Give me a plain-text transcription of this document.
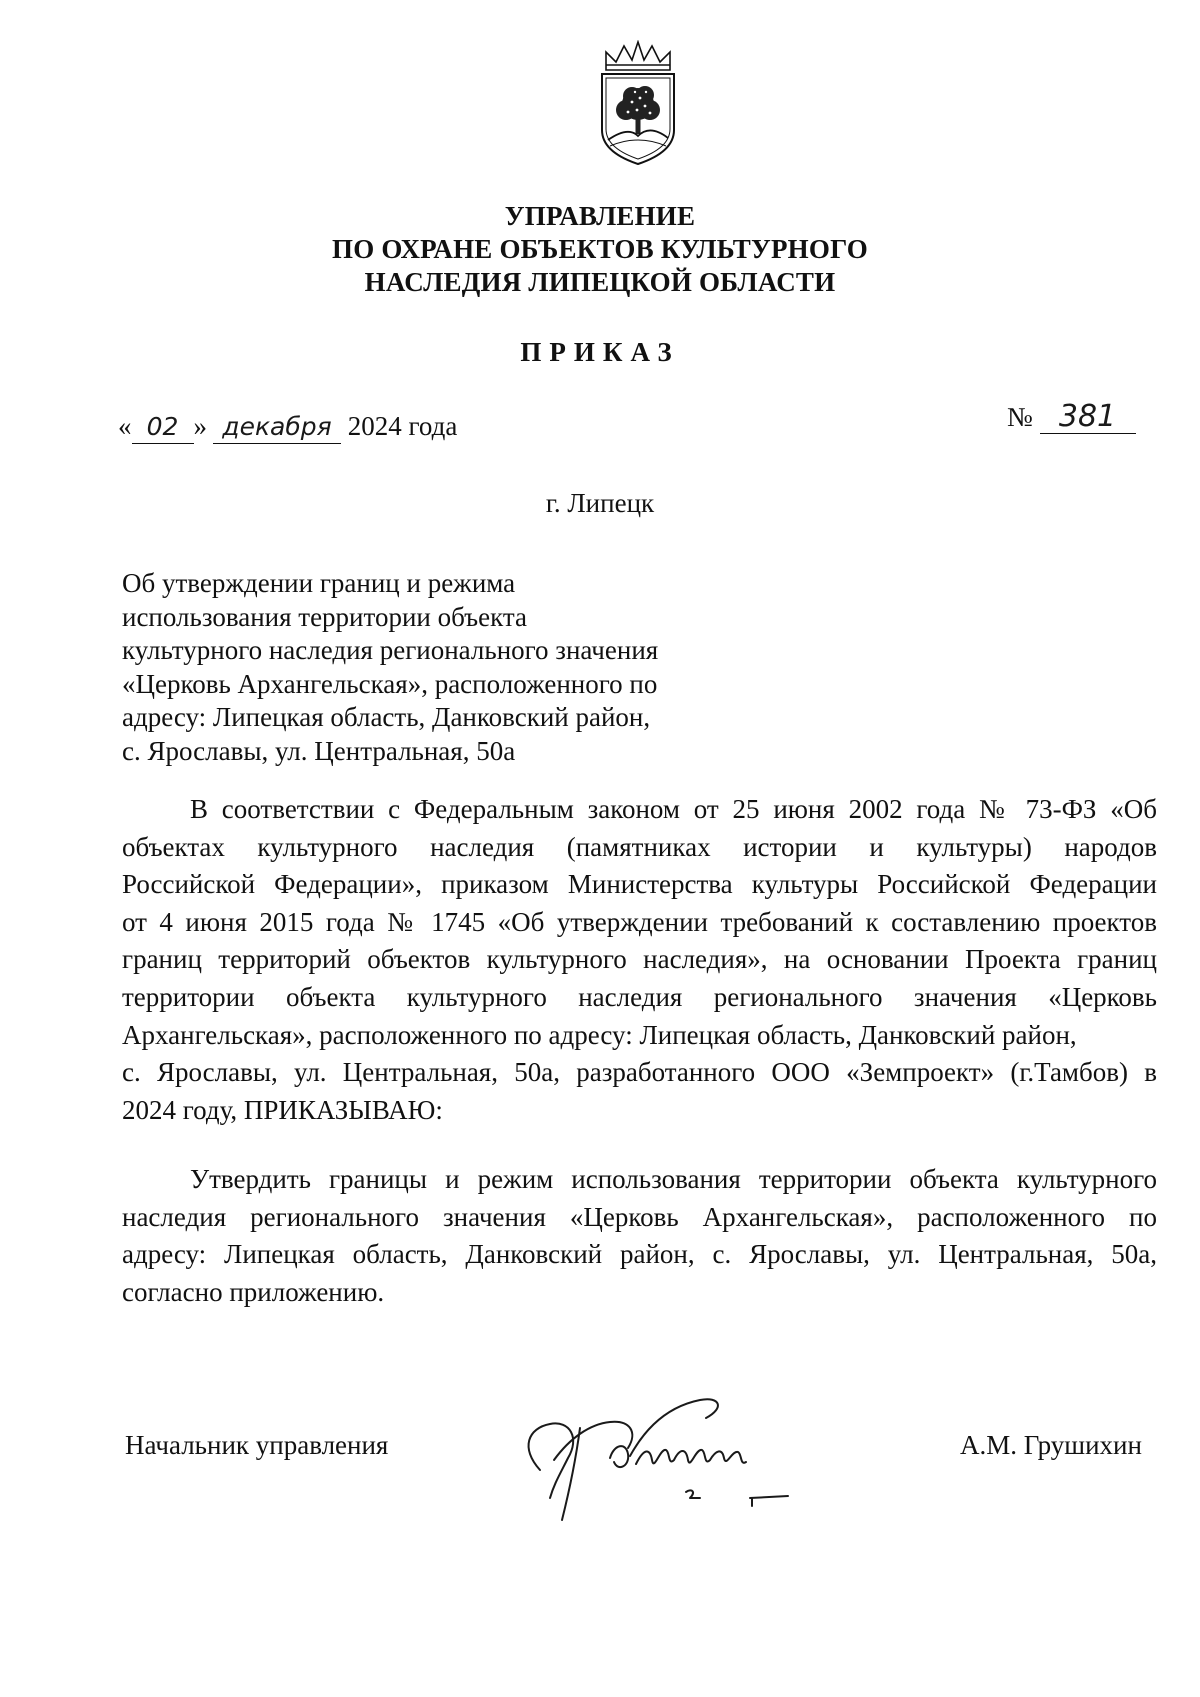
УПРАВЛЕНИЕ
ПО ОХРАНЕ ОБЪЕКТОВ КУЛЬТУРНОГО
НАСЛЕДИЯ ЛИПЕЦКОЙ ОБЛАСТИ
ПРИКАЗ
« 02 » декабря 2024 года	№ 381
г. Липецк
Об утверждении границ и режима
использования территории объекта
культурного наследия регионального значения
«Церковь Архангельская», расположенного по
адресу: Липецкая область, Данковский район,
с. Ярославы, ул. Центральная, 50а
В соответствии с Федеральным законом от 25 июня 2002 года № 73-ФЗ «Об
объектах культурного наследия (памятниках истории и культуры) народов
Российской Федерации», приказом Министерства культуры Российской Федерации
от 4 июня 2015 года № 1745 «Об утверждении требований к составлению проектов
границ территорий объектов культурного наследия», на основании Проекта границ
территории объекта культурного наследия регионального значения «Церковь
Архангельская», расположенного по адресу: Липецкая область, Данковский район,
с. Ярославы, ул. Центральная, 50а, разработанного ООО «Земпроект» (г.Тамбов) в
2024 году, ПРИКАЗЫВАЮ:
Утвердить границы и режим использования территории объекта культурного
наследия регионального значения «Церковь Архангельская», расположенного по
адресу: Липецкая область, Данковский район, с. Ярославы, ул. Центральная, 50а,
согласно приложению.
Начальник управления	А.М. Грушихин
